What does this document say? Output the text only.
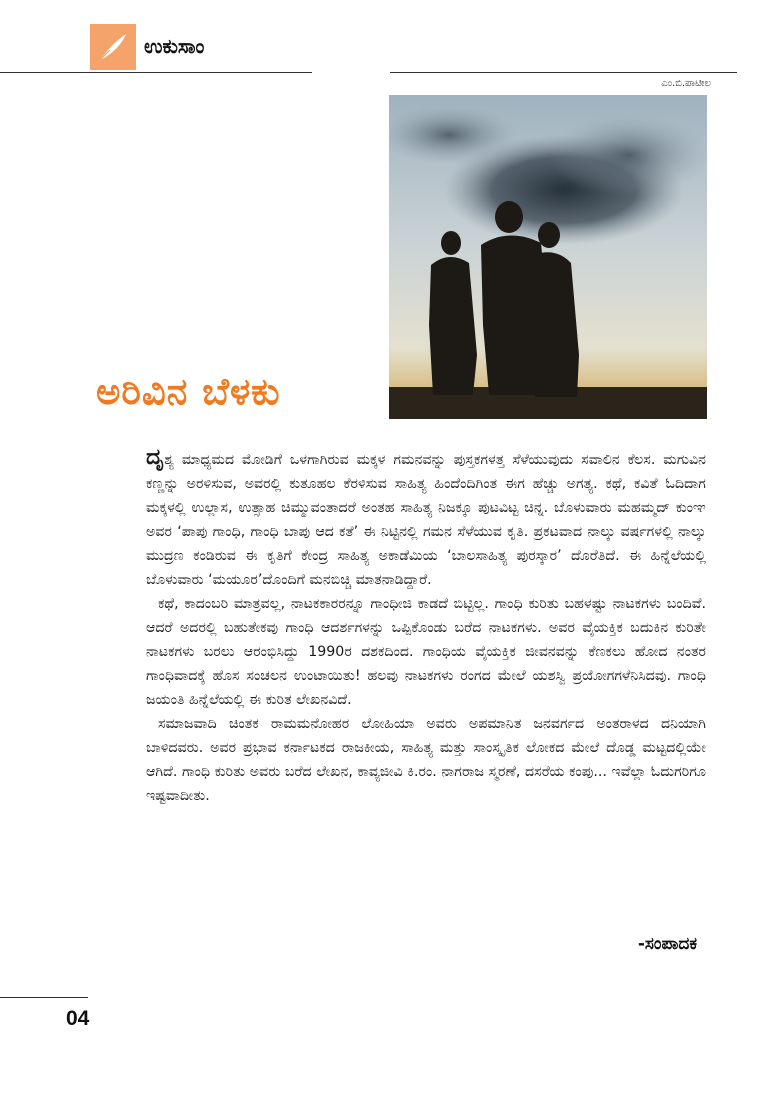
ಉಕುಸಾಂ
ಎಂ.ಬಿ.ಪಾಟೀಲ
ಅರಿವಿನ ಬೆಳಕು

ದೃಶ್ಯ ಮಾಧ್ಯಮದ ಮೋಡಿಗೆ ಒಳಗಾಗಿರುವ ಮಕ್ಕಳ ಗಮನವನ್ನು ಪುಸ್ತಕಗಳತ್ತ ಸೆಳೆಯುವುದು ಸವಾಲಿನ ಕೆಲಸ. ಮಗುವಿನ ಕಣ್ಣನ್ನು ಅರಳಿಸುವ, ಅವರಲ್ಲಿ ಕುತೂಹಲ ಕೆರಳಿಸುವ ಸಾಹಿತ್ಯ ಹಿಂದೆಂದಿಗಿಂತ ಈಗ ಹೆಚ್ಚು ಅಗತ್ಯ. ಕಥೆ, ಕವಿತೆ ಓದಿದಾಗ ಮಕ್ಕಳಲ್ಲಿ ಉಲ್ಲಾಸ, ಉತ್ಸಾಹ ಚಿಮ್ಮುವಂತಾದರೆ ಅಂತಹ ಸಾಹಿತ್ಯ ನಿಜಕ್ಕೂ ಪುಟವಿಟ್ಟ ಚಿನ್ನ. ಬೊಳುವಾರು ಮಹಮ್ಮದ್ ಕುಂಞ ಅವರ ‘ಪಾಪು ಗಾಂಧಿ, ಗಾಂಧಿ ಬಾಪು ಆದ ಕತೆ’ ಈ ನಿಟ್ಟಿನಲ್ಲಿ ಗಮನ ಸೆಳೆಯುವ ಕೃತಿ. ಪ್ರಕಟವಾದ ನಾಲ್ಕು ವರ್ಷಗಳಲ್ಲಿ ನಾಲ್ಕು ಮುದ್ರಣ ಕಂಡಿರುವ ಈ ಕೃತಿಗೆ ಕೇಂದ್ರ ಸಾಹಿತ್ಯ ಅಕಾಡೆಮಿಯ ‘ಬಾಲಸಾಹಿತ್ಯ ಪುರಸ್ಕಾರ’ ದೊರೆತಿದೆ. ಈ ಹಿನ್ನೆಲೆಯಲ್ಲಿ ಬೊಳುವಾರು ‘ಮಯೂರ’ದೊಂದಿಗೆ ಮನಬಿಚ್ಚಿ ಮಾತನಾಡಿದ್ದಾರೆ.

ಕಥೆ, ಕಾದಂಬರಿ ಮಾತ್ರವಲ್ಲ, ನಾಟಕಕಾರರನ್ನೂ ಗಾಂಧೀಜಿ ಕಾಡದೆ ಬಿಟ್ಟಿಲ್ಲ. ಗಾಂಧಿ ಕುರಿತು ಬಹಳಷ್ಟು ನಾಟಕಗಳು ಬಂದಿವೆ. ಆದರೆ ಅದರಲ್ಲಿ ಬಹುತೇಕವು ಗಾಂಧಿ ಆದರ್ಶಗಳನ್ನು ಒಪ್ಪಿಕೊಂಡು ಬರೆದ ನಾಟಕಗಳು. ಅವರ ವೈಯಕ್ತಿಕ ಬದುಕಿನ ಕುರಿತೇ ನಾಟಕಗಳು ಬರಲು ಆರಂಭಿಸಿದ್ದು 1990ರ ದಶಕದಿಂದ. ಗಾಂಧಿಯ ವೈಯಕ್ತಿಕ ಜೀವನವನ್ನು ಕೆಣಕಲು ಹೋದ ನಂತರ ಗಾಂಧಿವಾದಕ್ಕೆ ಹೊಸ ಸಂಚಲನ ಉಂಟಾಯಿತು! ಹಲವು ನಾಟಕಗಳು ರಂಗದ ಮೇಲೆ ಯಶಸ್ವಿ ಪ್ರಯೋಗಗಳೆನಿಸಿದವು. ಗಾಂಧಿ ಜಯಂತಿ ಹಿನ್ನೆಲೆಯಲ್ಲಿ ಈ ಕುರಿತ ಲೇಖನವಿದೆ.

ಸಮಾಜವಾದಿ ಚಿಂತಕ ರಾಮಮನೋಹರ ಲೋಹಿಯಾ ಅವರು ಅಪಮಾನಿತ ಜನವರ್ಗದ ಅಂತರಾಳದ ದನಿಯಾಗಿ ಬಾಳಿದವರು. ಅವರ ಪ್ರಭಾವ ಕರ್ನಾಟಕದ ರಾಜಕೀಯ, ಸಾಹಿತ್ಯ ಮತ್ತು ಸಾಂಸ್ಕೃತಿಕ ಲೋಕದ ಮೇಲೆ ದೊಡ್ಡ ಮಟ್ಟದಲ್ಲಿಯೇ ಆಗಿದೆ. ಗಾಂಧಿ ಕುರಿತು ಅವರು ಬರೆದ ಲೇಖನ, ಕಾವ್ಯಜೀವಿ ಕಿ.ರಂ. ನಾಗರಾಜ ಸ್ಮರಣೆ, ದಸರೆಯ ಕಂಪು... ಇವೆಲ್ಲಾ ಓದುಗರಿಗೂ ಇಷ್ಟವಾದೀತು.

-ಸಂಪಾದಕ
04
